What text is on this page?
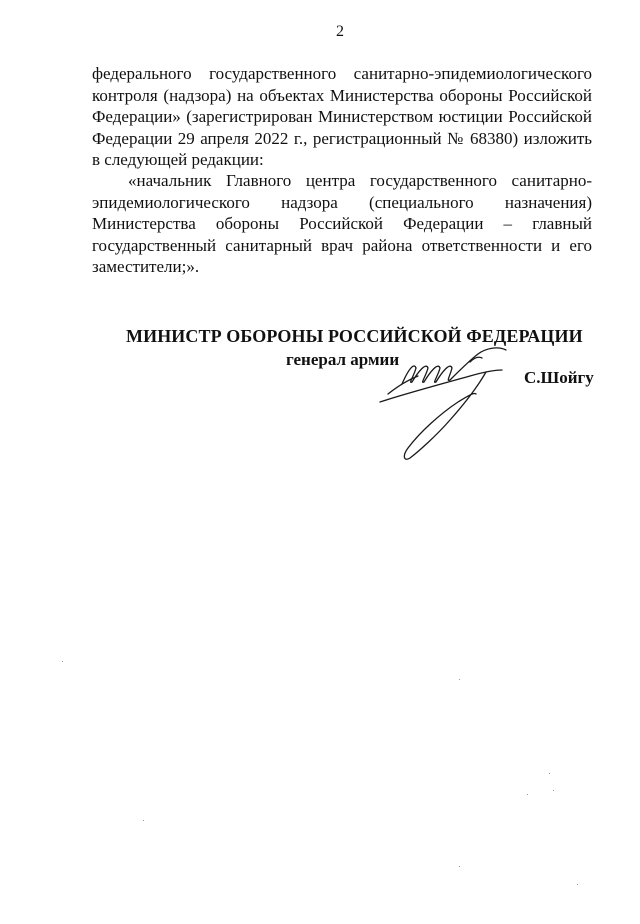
2

федерального государственного санитарно-эпидемиологического контроля (надзора) на объектах Министерства обороны Российской Федерации» (зарегистрирован Министерством юстиции Российской Федерации 29 апреля 2022 г., регистрационный № 68380) изложить в следующей редакции:

«начальник Главного центра государственного санитарно-эпидемиологического надзора (специального назначения) Министерства обороны Российской Федерации – главный государственный санитарный врач района ответственности и его заместители;».

МИНИСТР ОБОРОНЫ РОССИЙСКОЙ ФЕДЕРАЦИИ
генерал армии
С.Шойгу
